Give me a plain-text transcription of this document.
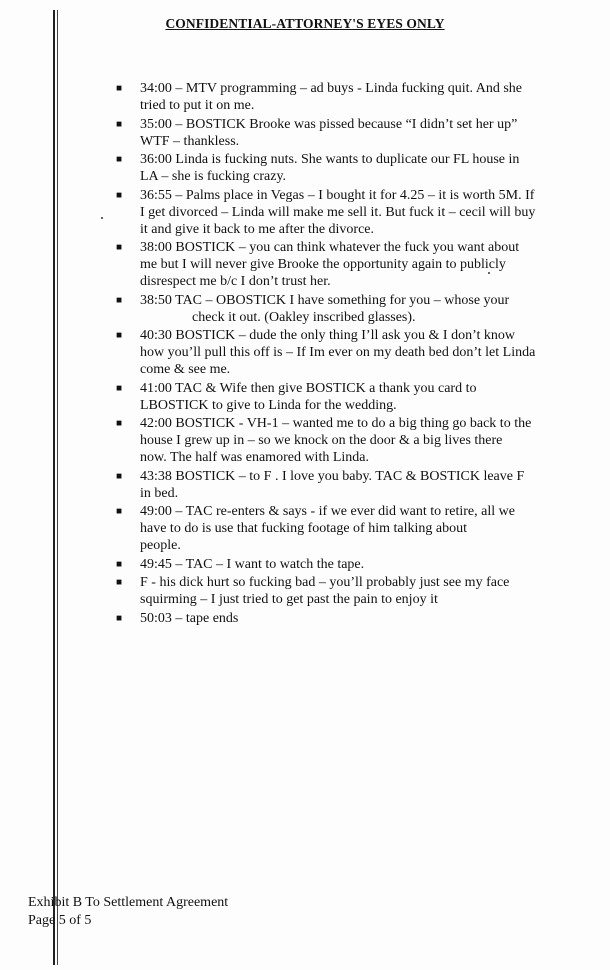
CONFIDENTIAL-ATTORNEY'S EYES ONLY
■ 34:00 – MTV programming – ad buys - Linda fucking quit. And she
tried to put it on me.
■ 35:00 – BOSTICK Brooke was pissed because “I didn’t set her up”
WTF – thankless.
■ 36:00 Linda is fucking nuts. She wants to duplicate our FL house in
LA – she is fucking crazy.
■ 36:55 – Palms place in Vegas – I bought it for 4.25 – it is worth 5M. If
I get divorced – Linda will make me sell it. But fuck it – cecil will buy
it and give it back to me after the divorce.
■ 38:00 BOSTICK – you can think whatever the fuck you want about
me but I will never give Brooke the opportunity again to publicly
disrespect me b/c I don’t trust her.
■ 38:50 TAC – OBOSTICK I have something for you – whose your
check it out. (Oakley inscribed glasses).
■ 40:30 BOSTICK – dude the only thing I’ll ask you & I don’t know
how you’ll pull this off is – If Im ever on my death bed don’t let Linda
come & see me.
■ 41:00 TAC & Wife then give BOSTICK a thank you card to
LBOSTICK to give to Linda for the wedding.
■ 42:00 BOSTICK - VH-1 – wanted me to do a big thing go back to the
house I grew up in – so we knock on the door & a big lives there
now. The half was enamored with Linda.
■ 43:38 BOSTICK – to F . I love you baby. TAC & BOSTICK leave F
in bed.
■ 49:00 – TAC re-enters & says - if we ever did want to retire, all we
have to do is use that fucking footage of him talking about
people.
■ 49:45 – TAC – I want to watch the tape.
■ F - his dick hurt so fucking bad – you’ll probably just see my face
squirming – I just tried to get past the pain to enjoy it
■ 50:03 – tape ends
Exhibit B To Settlement Agreement
Page 5 of 5
